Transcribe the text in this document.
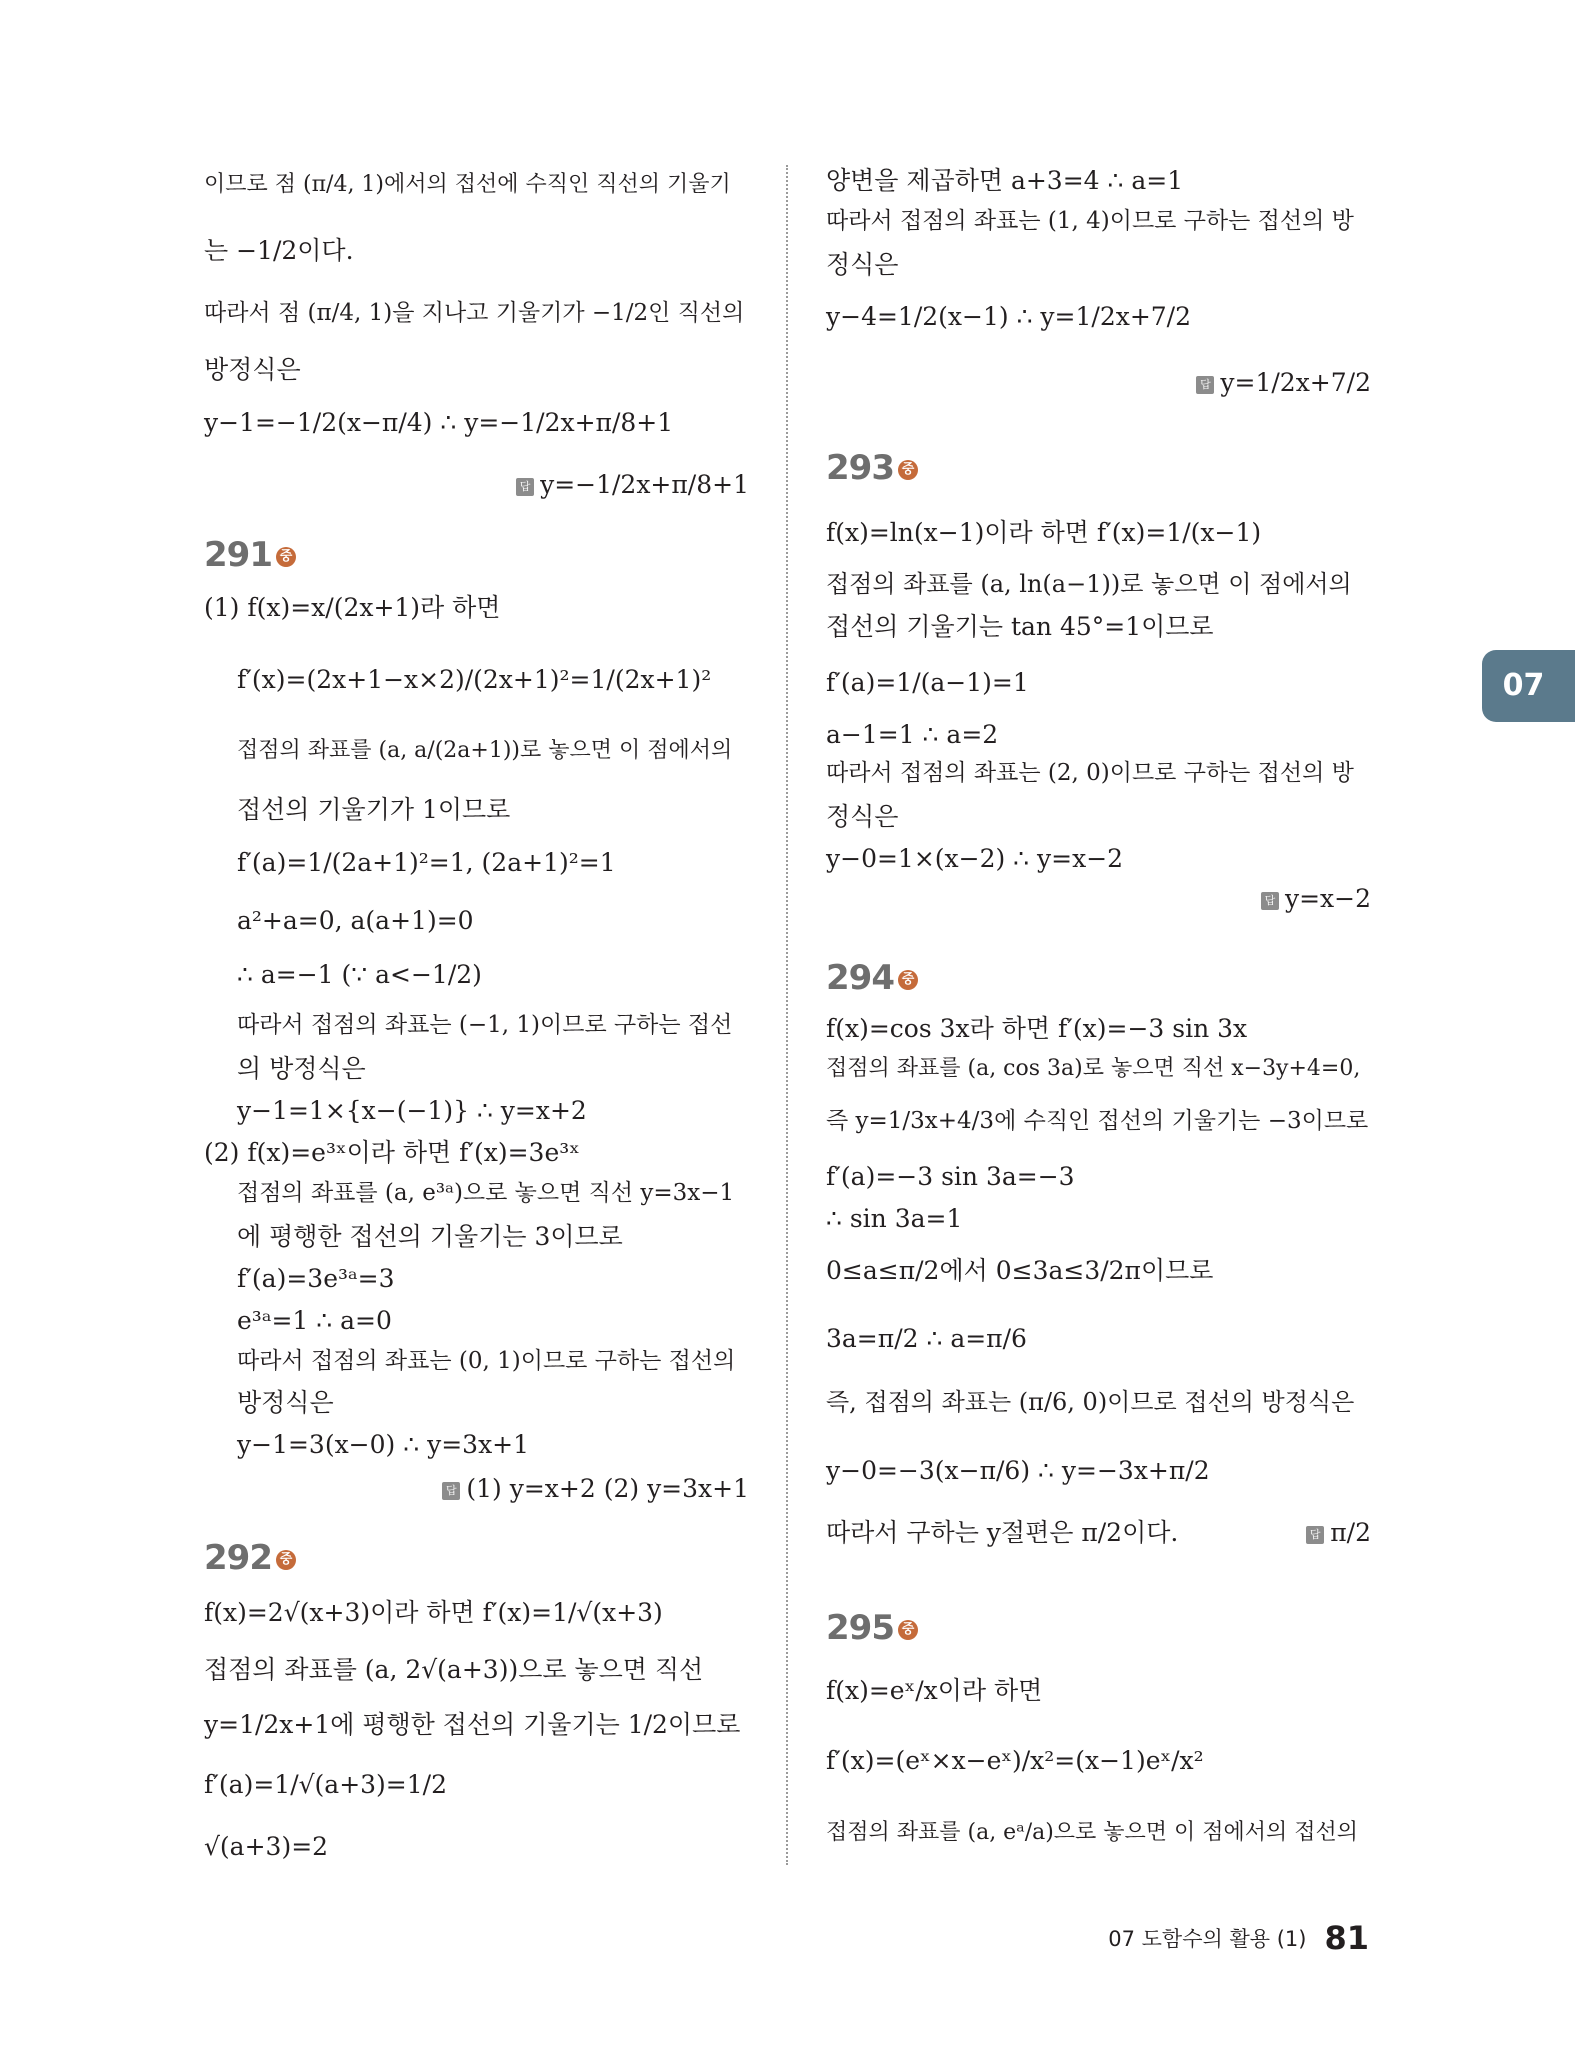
이므로 점 (π/4, 1)에서의 접선에 수직인 직선의 기울기
는 −1/2이다.
따라서 점 (π/4, 1)을 지나고 기울기가 −1/2인 직선의
방정식은
y−1=−1/2(x−π/4) ∴ y=−1/2x+π/8+1
답 y=−1/2x+π/8+1
291 중
(1) f(x)=x/(2x+1)라 하면
f′(x)=(2x+1−x×2)/(2x+1)²=1/(2x+1)²
접점의 좌표를 (a, a/(2a+1))로 놓으면 이 점에서의
접선의 기울기가 1이므로
f′(a)=1/(2a+1)²=1, (2a+1)²=1
a²+a=0, a(a+1)=0
∴ a=−1 (∵ a<−1/2)
따라서 접점의 좌표는 (−1, 1)이므로 구하는 접선
의 방정식은
y−1=1×{x−(−1)} ∴ y=x+2
(2) f(x)=e³ˣ이라 하면 f′(x)=3e³ˣ
접점의 좌표를 (a, e³ᵃ)으로 놓으면 직선 y=3x−1
에 평행한 접선의 기울기는 3이므로
f′(a)=3e³ᵃ=3
e³ᵃ=1 ∴ a=0
따라서 접점의 좌표는 (0, 1)이므로 구하는 접선의
방정식은
y−1=3(x−0) ∴ y=3x+1
답 (1) y=x+2 (2) y=3x+1
292 중
f(x)=2√(x+3)이라 하면 f′(x)=1/√(x+3)
접점의 좌표를 (a, 2√(a+3))으로 놓으면 직선
y=1/2x+1에 평행한 접선의 기울기는 1/2이므로
f′(a)=1/√(a+3)=1/2
√(a+3)=2
양변을 제곱하면 a+3=4 ∴ a=1
따라서 접점의 좌표는 (1, 4)이므로 구하는 접선의 방
정식은
y−4=1/2(x−1) ∴ y=1/2x+7/2
답 y=1/2x+7/2
293 중
f(x)=ln(x−1)이라 하면 f′(x)=1/(x−1)
접점의 좌표를 (a, ln(a−1))로 놓으면 이 점에서의
접선의 기울기는 tan 45°=1이므로
f′(a)=1/(a−1)=1
a−1=1 ∴ a=2
따라서 접점의 좌표는 (2, 0)이므로 구하는 접선의 방
정식은
y−0=1×(x−2) ∴ y=x−2
답 y=x−2
294 중
f(x)=cos 3x라 하면 f′(x)=−3 sin 3x
접점의 좌표를 (a, cos 3a)로 놓으면 직선 x−3y+4=0,
즉 y=1/3x+4/3에 수직인 접선의 기울기는 −3이므로
f′(a)=−3 sin 3a=−3
∴ sin 3a=1
0≤a≤π/2에서 0≤3a≤3/2π이므로
3a=π/2 ∴ a=π/6
즉, 접점의 좌표는 (π/6, 0)이므로 접선의 방정식은
y−0=−3(x−π/6) ∴ y=−3x+π/2
따라서 구하는 y절편은 π/2이다.	답 π/2
295 중
f(x)=eˣ/x이라 하면
f′(x)=(eˣ×x−eˣ)/x²=(x−1)eˣ/x²
접점의 좌표를 (a, eᵃ/a)으로 놓으면 이 점에서의 접선의
07
07 도함수의 활용 (1) 81
